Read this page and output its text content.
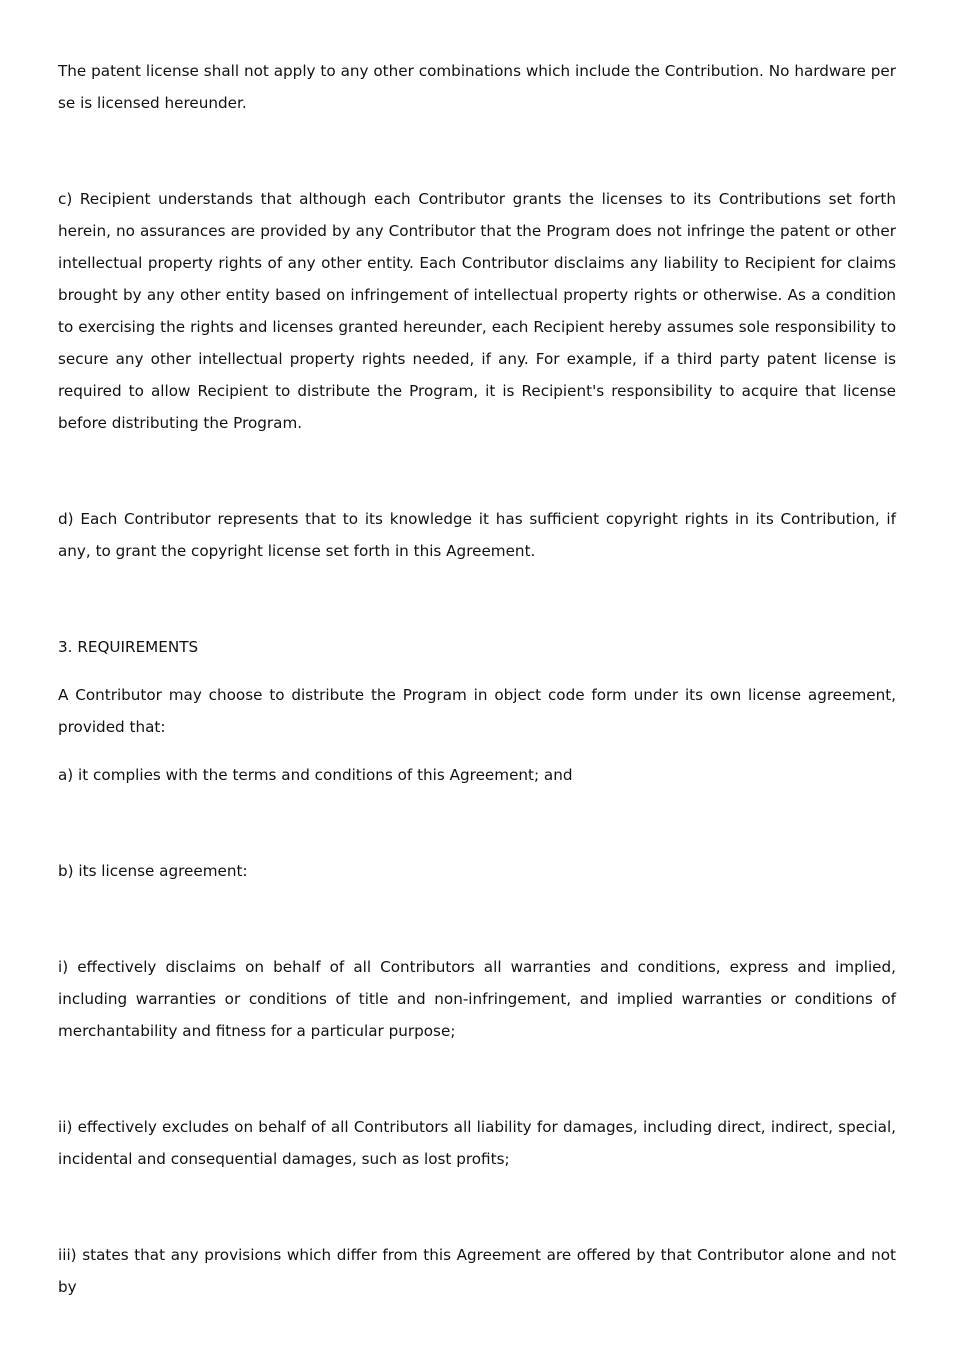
The patent license shall not apply to any other combinations which include the Contribution. No hardware per se is licensed hereunder.

c) Recipient understands that although each Contributor grants the licenses to its Contributions set forth herein, no assurances are provided by any Contributor that the Program does not infringe the patent or other intellectual property rights of any other entity. Each Contributor disclaims any liability to Recipient for claims brought by any other entity based on infringement of intellectual property rights or otherwise. As a condition to exercising the rights and licenses granted hereunder, each Recipient hereby assumes sole responsibility to secure any other intellectual property rights needed, if any. For example, if a third party patent license is required to allow Recipient to distribute the Program, it is Recipient's responsibility to acquire that license before distributing the Program.

d) Each Contributor represents that to its knowledge it has sufficient copyright rights in its Contribution, if any, to grant the copyright license set forth in this Agreement.

3. REQUIREMENTS

A Contributor may choose to distribute the Program in object code form under its own license agreement, provided that:

a) it complies with the terms and conditions of this Agreement; and

b) its license agreement:

i) effectively disclaims on behalf of all Contributors all warranties and conditions, express and implied, including warranties or conditions of title and non-infringement, and implied warranties or conditions of merchantability and fitness for a particular purpose;

ii) effectively excludes on behalf of all Contributors all liability for damages, including direct, indirect, special, incidental and consequential damages, such as lost profits;

iii) states that any provisions which differ from this Agreement are offered by that Contributor alone and not by
